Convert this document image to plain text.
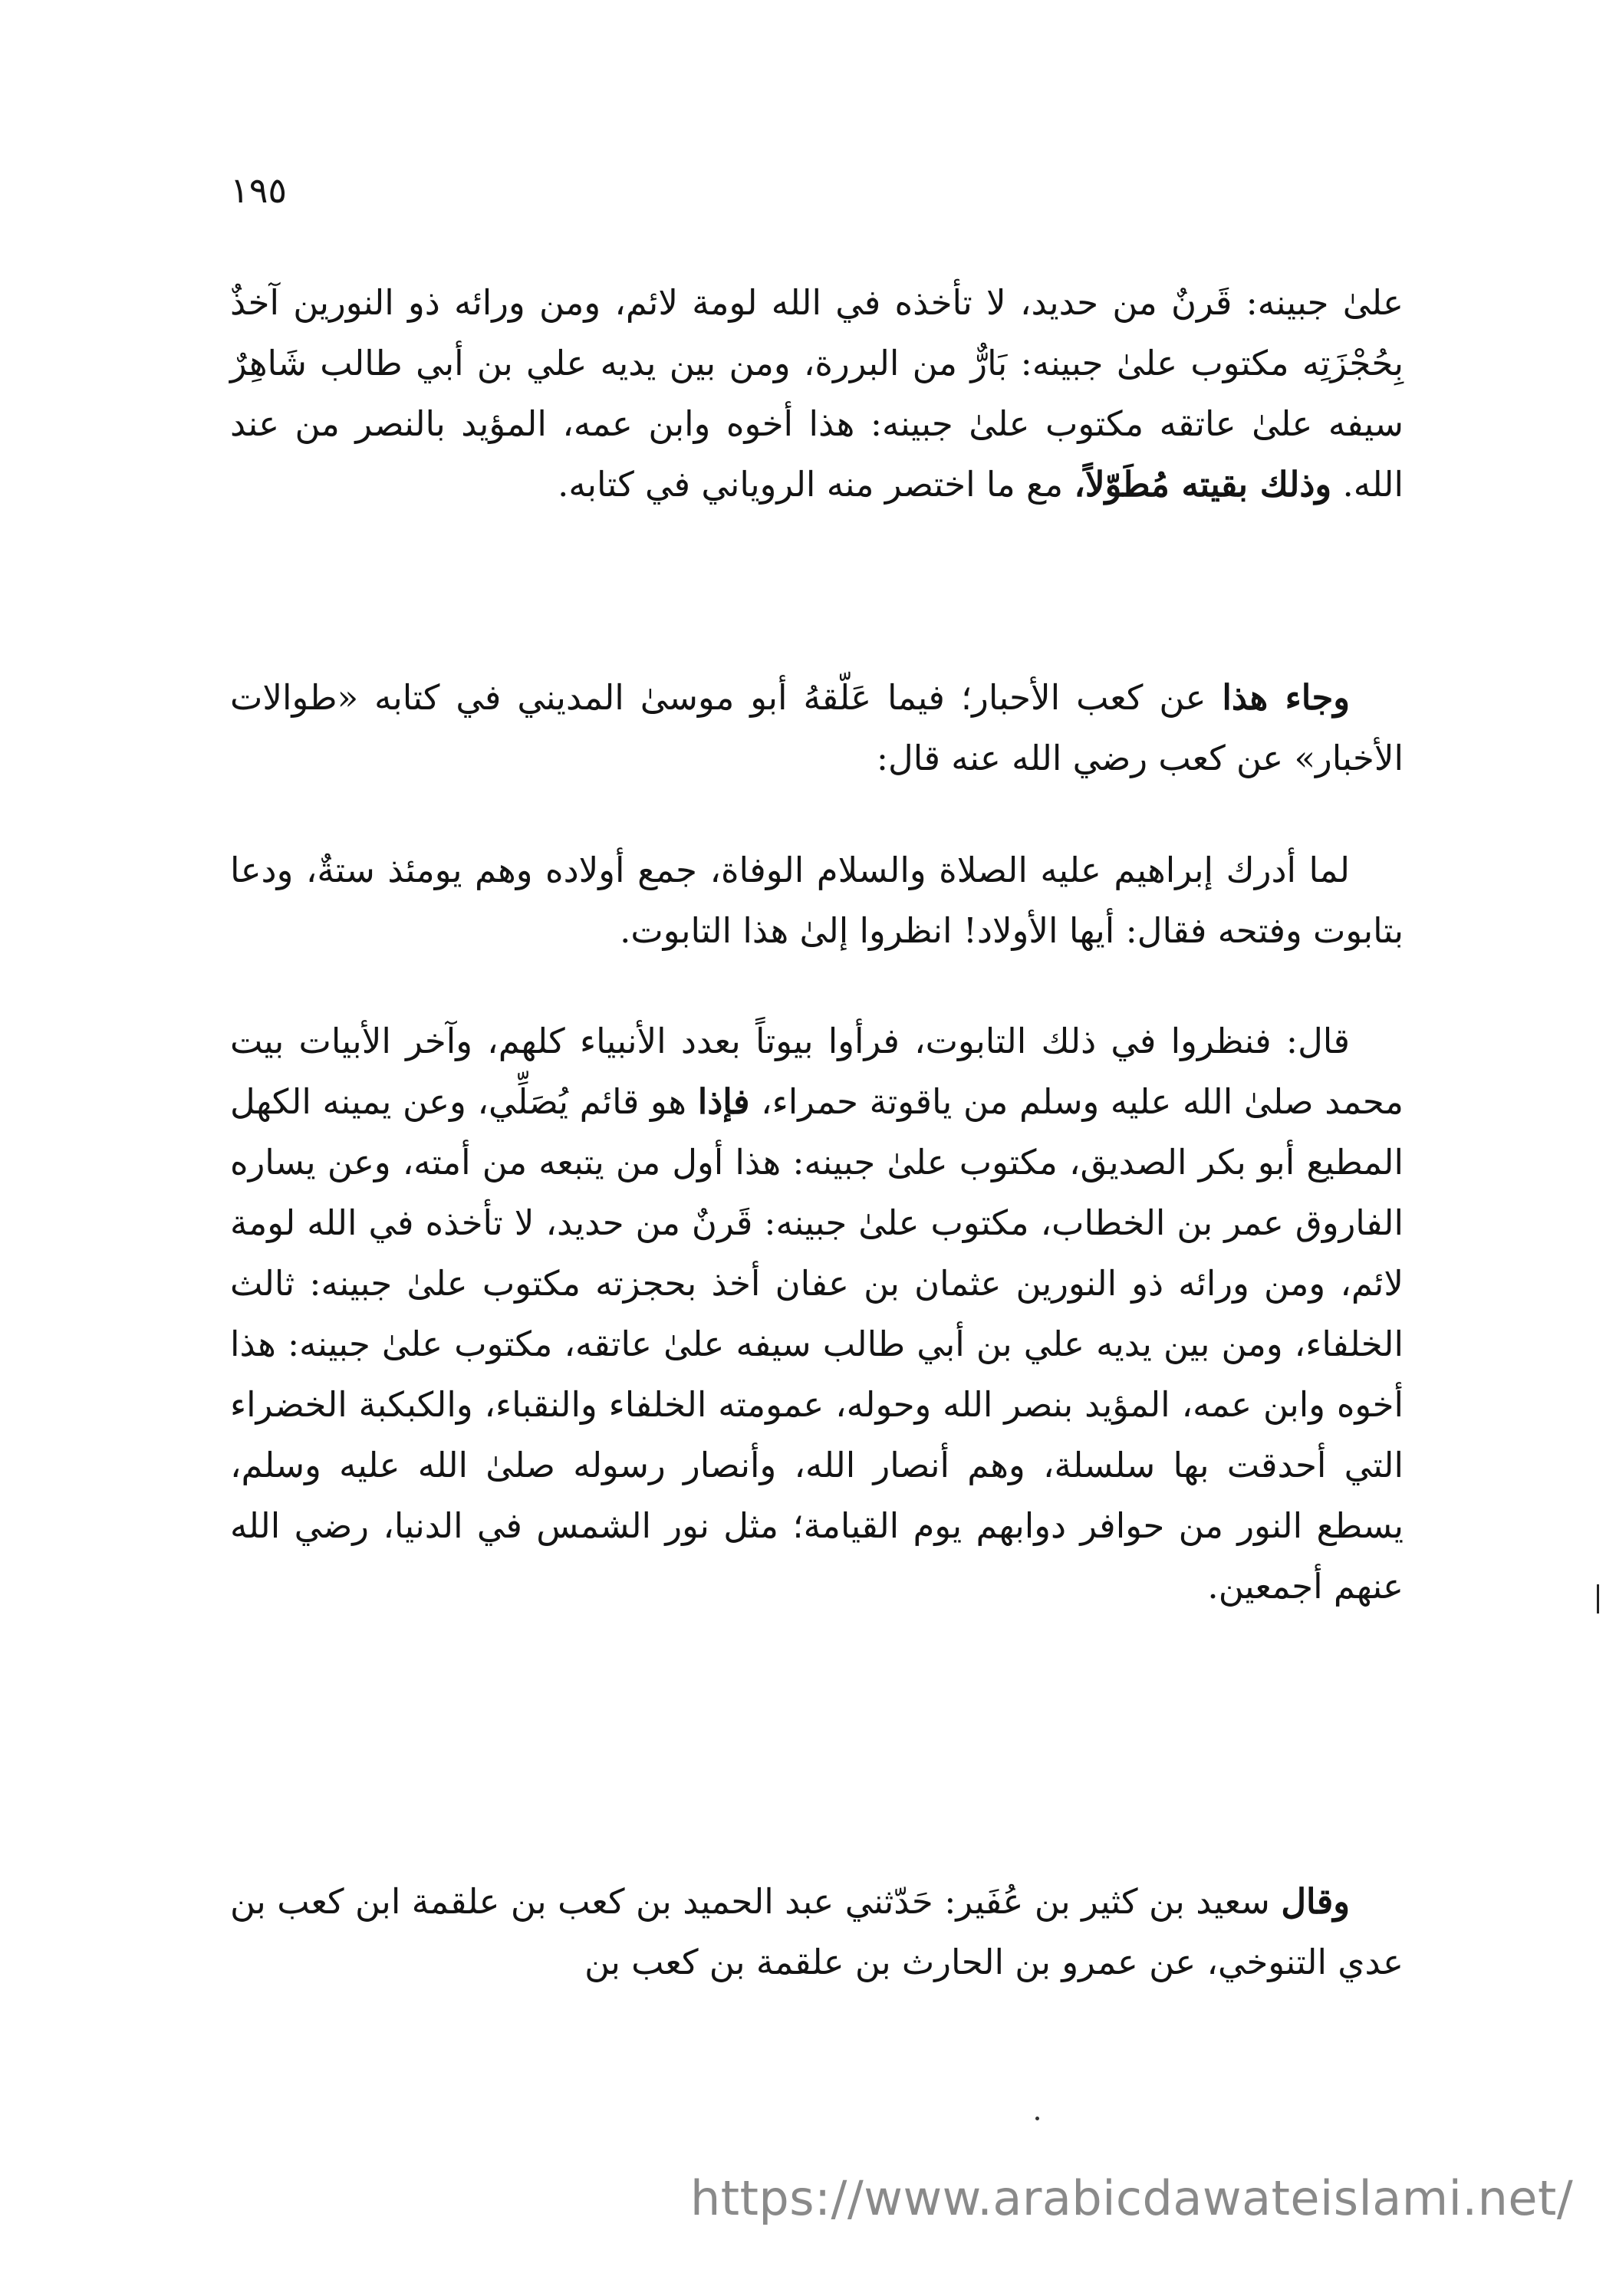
١٩٥

علىٰ جبينه: قَرنٌ من حديد، لا تأخذه في الله لومة لائم، ومن ورائه ذو النورين آخذٌ بِحُجْزَتِه مكتوب علىٰ جبينه: بَارٌّ من البررة، ومن بين يديه علي بن أبي طالب شَاهِرٌ سيفه علىٰ عاتقه مكتوب علىٰ جبينه: هذا أخوه وابن عمه، المؤيد بالنصر من عند الله. وذلك بقيته مُطَوّلاً، مع ما اختصر منه الروياني في كتابه.

وجاء هذا عن كعب الأحبار؛ فيما عَلّقهُ أبو موسىٰ المديني في كتابه «طوالات الأخبار» عن كعب رضي الله عنه قال:

لما أدرك إبراهيم عليه الصلاة والسلام الوفاة، جمع أولاده وهم يومئذ ستةٌ، ودعا بتابوت وفتحه فقال: أيها الأولاد! انظروا إلىٰ هذا التابوت.

قال: فنظروا في ذلك التابوت، فرأوا بيوتاً بعدد الأنبياء كلهم، وآخر الأبيات بيت محمد صلىٰ الله عليه وسلم من ياقوتة حمراء، فإذا هو قائم يُصَلِّي، وعن يمينه الكهل المطيع أبو بكر الصديق، مكتوب علىٰ جبينه: هذا أول من يتبعه من أمته، وعن يساره الفاروق عمر بن الخطاب، مكتوب علىٰ جبينه: قَرنٌ من حديد، لا تأخذه في الله لومة لائم، ومن ورائه ذو النورين عثمان بن عفان أخذ بحجزته مكتوب علىٰ جبينه: ثالث الخلفاء، ومن بين يديه علي بن أبي طالب سيفه علىٰ عاتقه، مكتوب علىٰ جبينه: هذا أخوه وابن عمه، المؤيد بنصر الله وحوله، عمومته الخلفاء والنقباء، والكبكبة الخضراء التي أحدقت بها سلسلة، وهم أنصار الله، وأنصار رسوله صلىٰ الله عليه وسلم، يسطع النور من حوافر دوابهم يوم القيامة؛ مثل نور الشمس في الدنيا، رضي الله عنهم أجمعين.

وقال سعيد بن كثير بن عُفَير: حَدّثني عبد الحميد بن كعب بن علقمة ابن كعب بن عدي التنوخي، عن عمرو بن الحارث بن علقمة بن كعب بن

https://www.arabicdawateislami.net/
